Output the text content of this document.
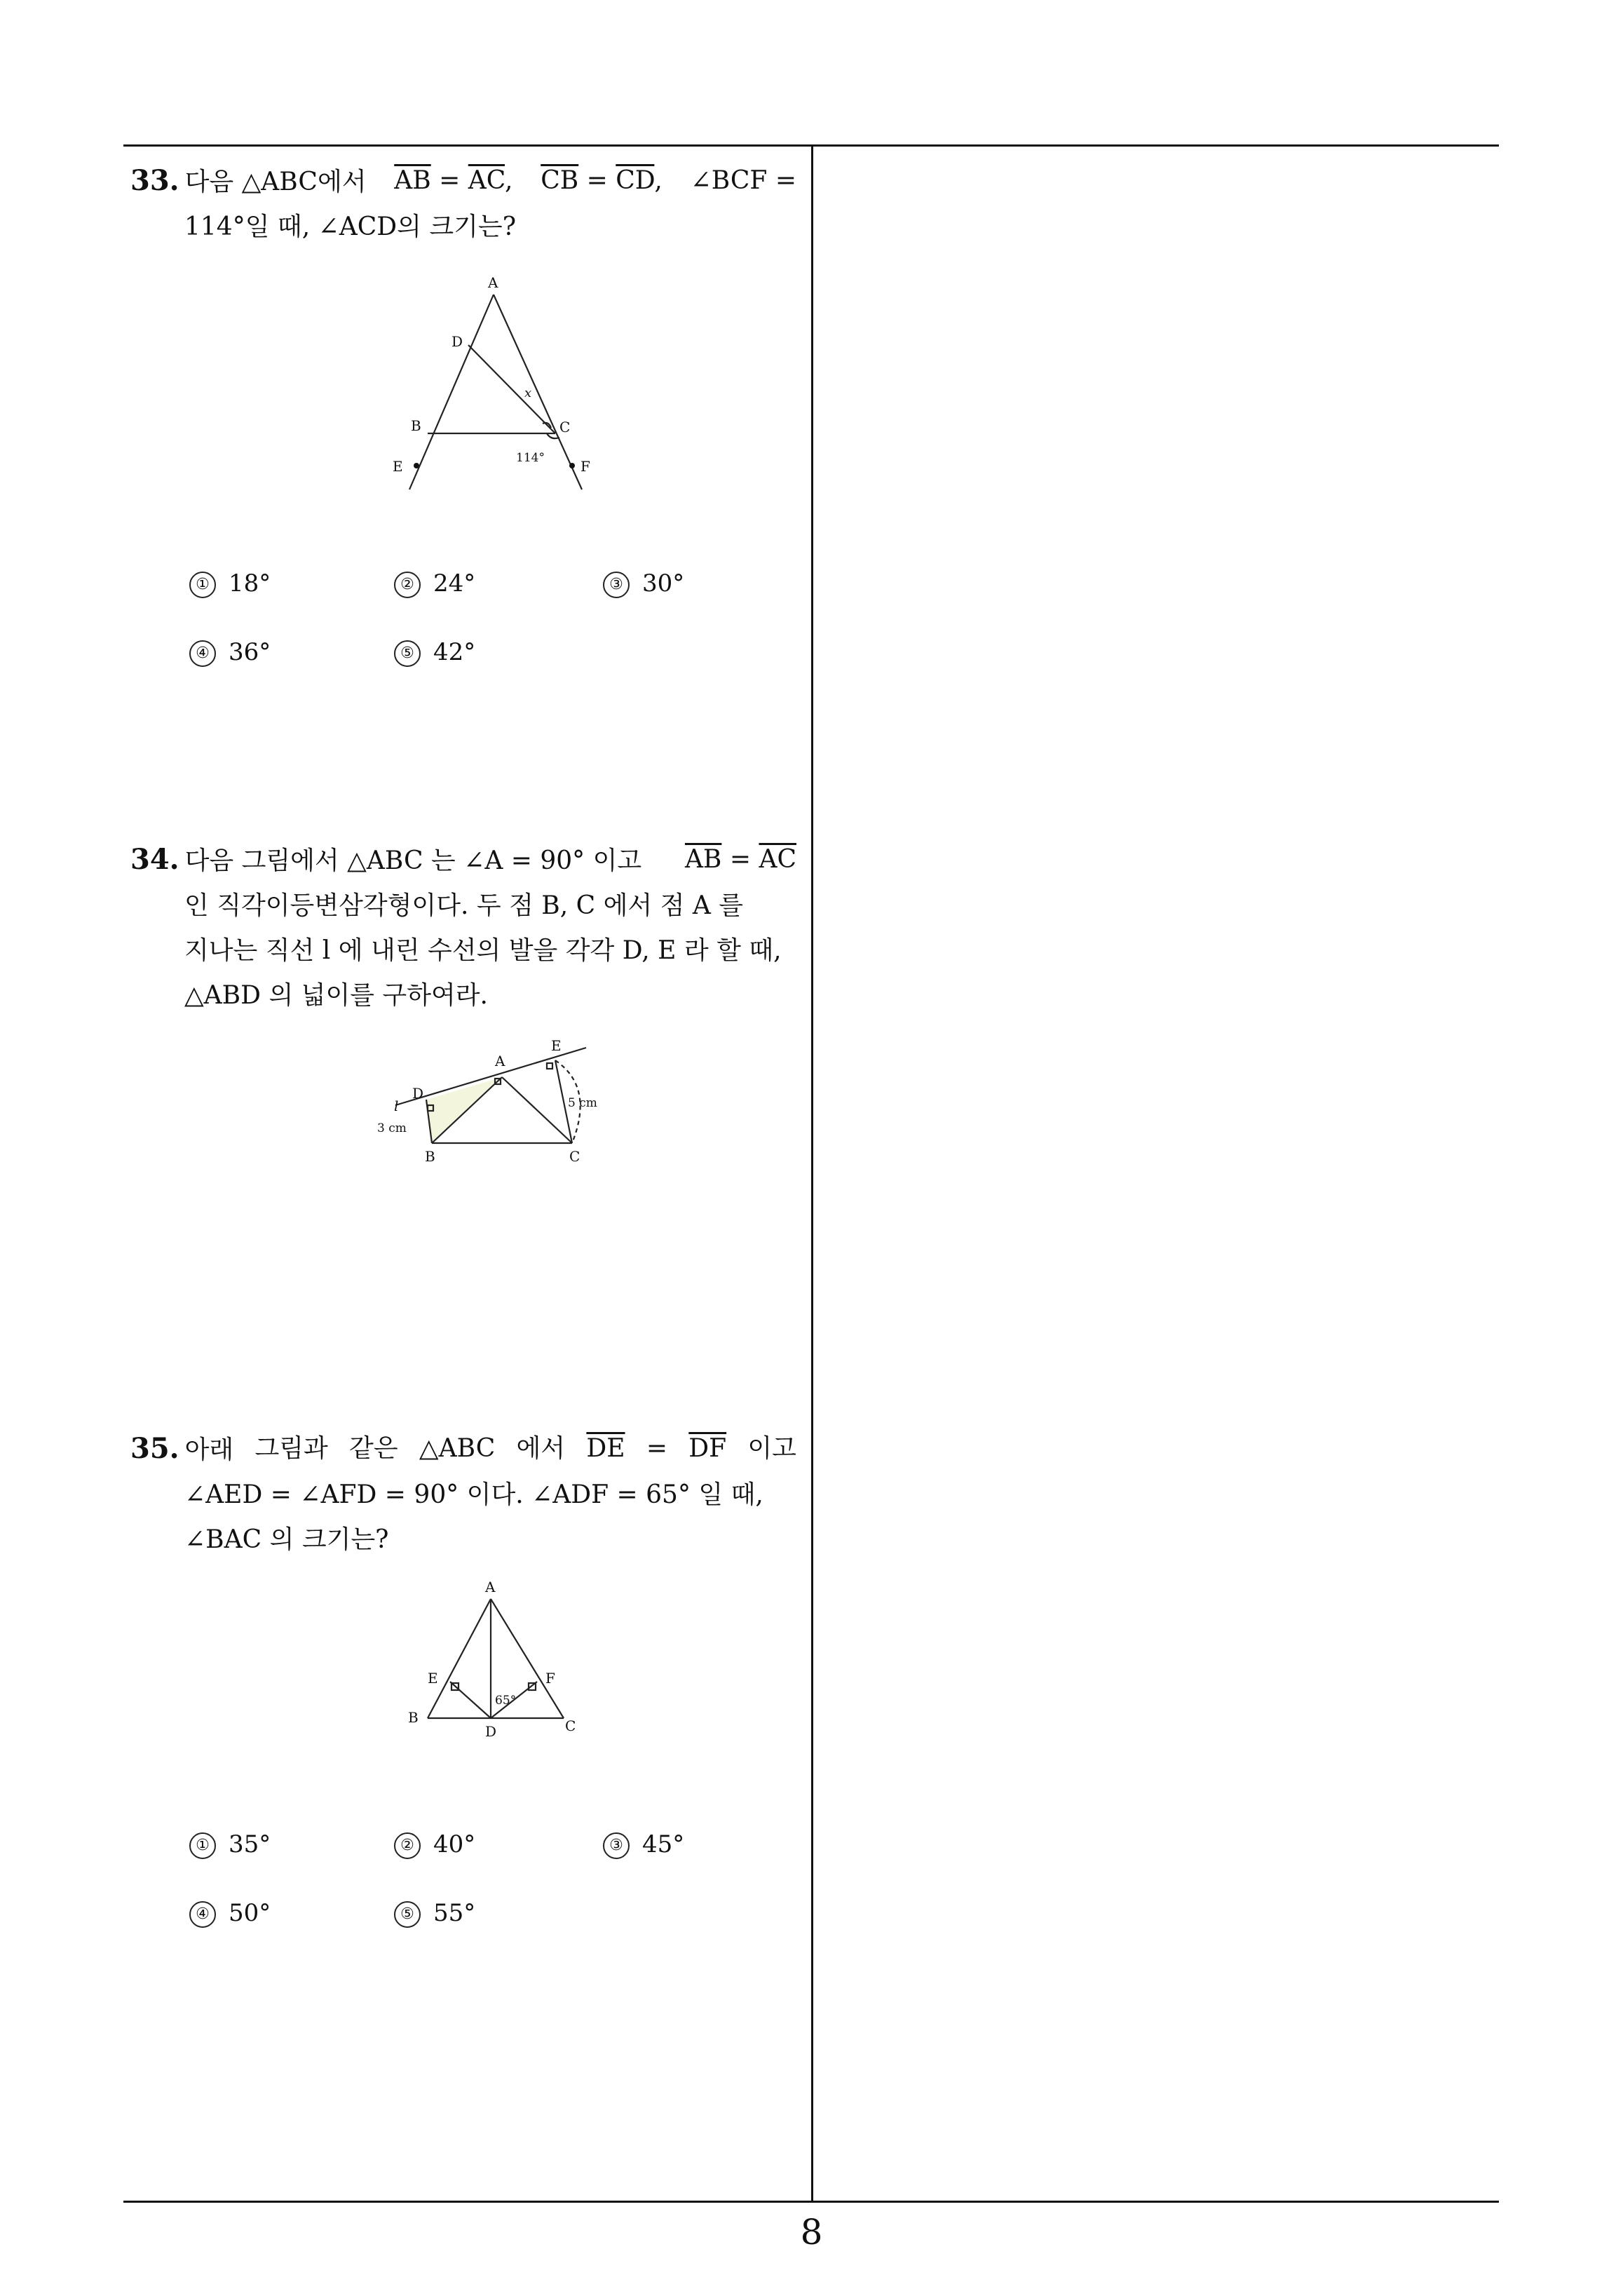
33. 다음 △ABC에서 $\overline{AB} = \overline{AC}$, $\overline{CB} = \overline{CD}$, ∠BCF =
114°일 때, ∠ACD의 크기는?
A
D
B	C
E	F
x
114°
① 18°	② 24°	③ 30°
④ 36°	⑤ 42°
34. 다음 그림에서 △ABC 는 ∠A = 90° 이고 $\overline{AB} = \overline{AC}$
인 직각이등변삼각형이다. 두 점 B, C 에서 점 A 를
지나는 직선 l 에 내린 수선의 발을 각각 D, E 라 할 때,
△ABD 의 넓이를 구하여라.
A
E
D
l
3 cm
5 cm
B	C
35. 아래 그림과 같은 △ABC 에서 $\overline{DE} = \overline{DF}$ 이고
∠AED = ∠AFD = 90° 이다. ∠ADF = 65° 일 때,
∠BAC 의 크기는?
A
E	F
B
D	C
65°
① 35°	② 40°	③ 45°
④ 50°	⑤ 55°
8
